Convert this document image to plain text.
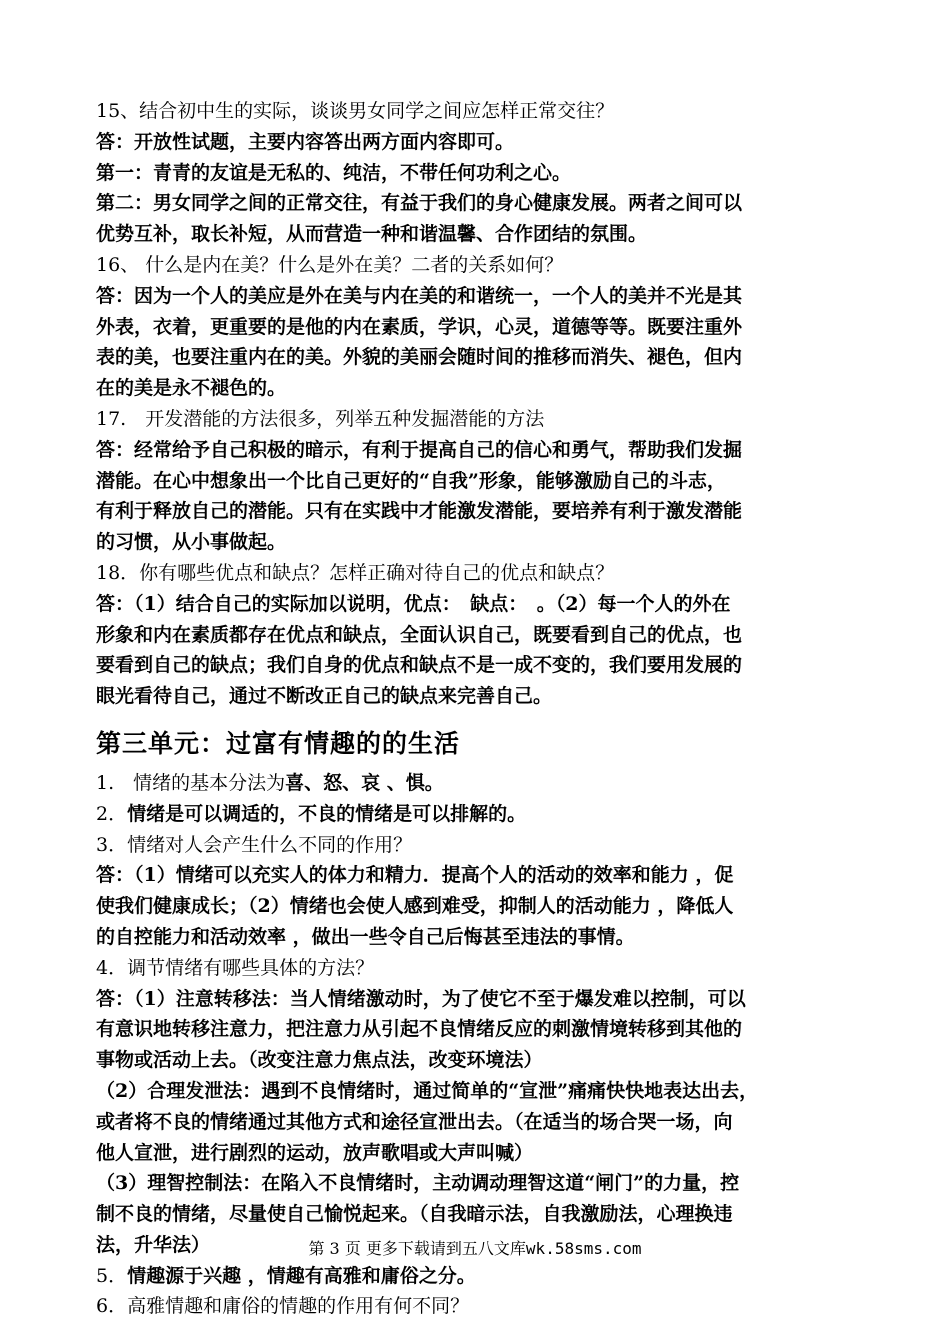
15、结合初中生的实际，谈谈男女同学之间应怎样正常交往？
答：开放性试题，主要内容答出两方面内容即可。
第一：青青的友谊是无私的、纯洁，不带任何功利之心。
第二：男女同学之间的正常交往，有益于我们的身心健康发展。两者之间可以
优势互补，取长补短，从而营造一种和谐温馨、合作团结的氛围。
16、 什么是内在美？什么是外在美？二者的关系如何？
答：因为一个人的美应是外在美与内在美的和谐统一，一个人的美并不光是其
外表，衣着，更重要的是他的内在素质，学识，心灵，道德等等。既要注重外
表的美，也要注重内在的美。外貌的美丽会随时间的推移而消失、褪色，但内
在的美是永不褪色的。
17.　开发潜能的方法很多，列举五种发掘潜能的方法
答：经常给予自己积极的暗示，有利于提高自己的信心和勇气，帮助我们发掘
潜能。在心中想象出一个比自己更好的“自我”形象，能够激励自己的斗志，
有利于释放自己的潜能。只有在实践中才能激发潜能，要培养有利于激发潜能
的习惯，从小事做起。
18．你有哪些优点和缺点？怎样正确对待自己的优点和缺点？
答：（1）结合自己的实际加以说明，优点：　缺点：　。（2）每一个人的外在
形象和内在素质都存在优点和缺点，全面认识自己，既要看到自己的优点，也
要看到自己的缺点；我们自身的优点和缺点不是一成不变的，我们要用发展的
眼光看待自己，通过不断改正自己的缺点来完善自己。
第三单元：过富有情趣的的生活
1.　情绪的基本分法为喜、怒、哀 、惧。
2．情绪是可以调适的，不良的情绪是可以排解的。
3．情绪对人会产生什么不同的作用？
答：（1）情绪可以充实人的体力和精力．提高个人的活动的效率和能力 ，促
使我们健康成长；（2）情绪也会使人感到难受，抑制人的活动能力 ，降低人
的自控能力和活动效率 ，做出一些令自己后悔甚至违法的事情。
4．调节情绪有哪些具体的方法？
答：（1）注意转移法：当人情绪激动时，为了使它不至于爆发难以控制，可以
有意识地转移注意力，把注意力从引起不良情绪反应的刺激情境转移到其他的
事物或活动上去。（改变注意力焦点法，改变环境法）
（2）合理发泄法：遇到不良情绪时，通过简单的“宣泄”痛痛快快地表达出去，
或者将不良的情绪通过其他方式和途径宣泄出去。（在适当的场合哭一场，向
他人宣泄，进行剧烈的运动，放声歌唱或大声叫喊）
（3）理智控制法：在陷入不良情绪时，主动调动理智这道“闸门”的力量，控
制不良的情绪，尽量使自己愉悦起来。（自我暗示法，自我激励法，心理换违
法，升华法）
5．情趣源于兴趣 ，情趣有高雅和庸俗之分。
6．高雅情趣和庸俗的情趣的作用有何不同？
第 3 页 更多下载请到五八文库wk.58sms.com
